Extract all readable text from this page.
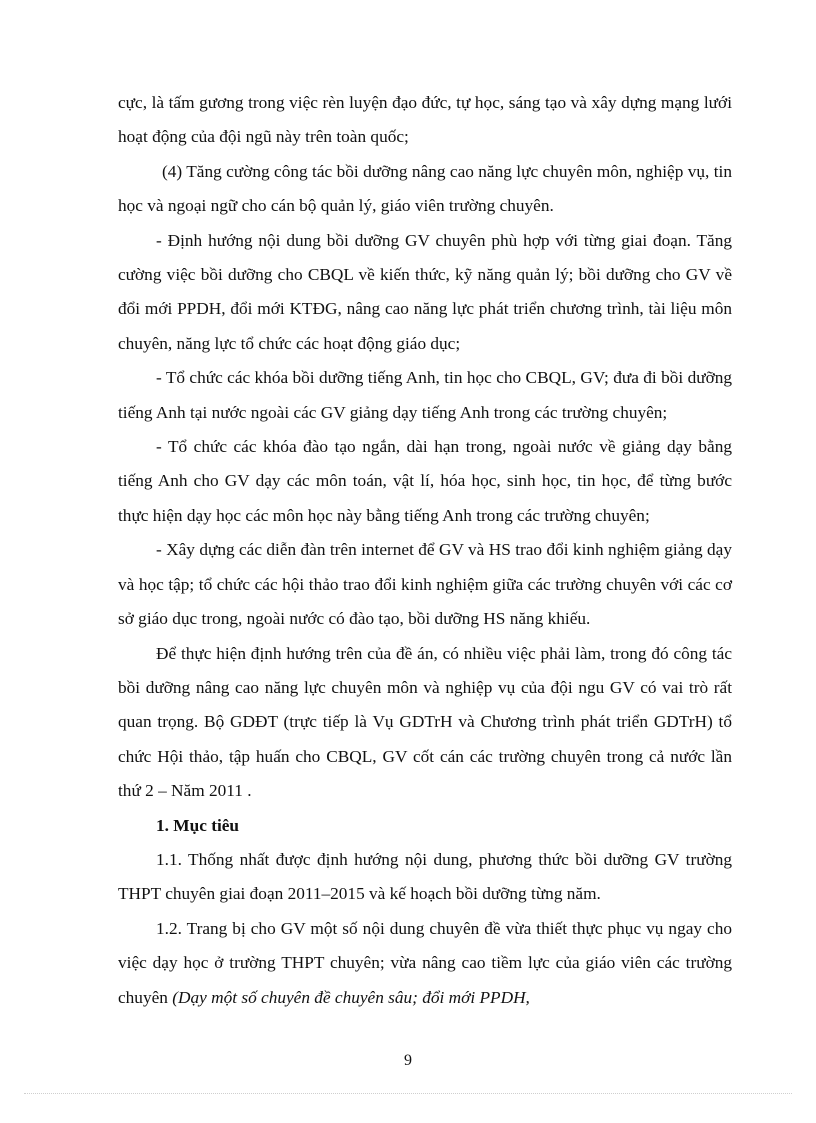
cực, là tấm gương trong việc rèn luyện đạo đức, tự học, sáng tạo và xây dựng mạng lưới hoạt động của đội ngũ này trên toàn quốc;

(4) Tăng cường công tác bồi dưỡng nâng cao năng lực chuyên môn, nghiệp vụ, tin học và ngoại ngữ cho cán bộ quản lý, giáo viên trường chuyên.

- Định hướng nội dung bồi dưỡng GV chuyên phù hợp với từng giai đoạn. Tăng cường việc bồi dưỡng cho CBQL về kiến thức, kỹ năng quản lý; bồi dưỡng cho GV về đổi mới PPDH, đổi mới KTĐG, nâng cao năng lực phát triển chương trình, tài liệu môn chuyên, năng lực tổ chức các hoạt động giáo dục;

- Tổ chức các khóa bồi dưỡng tiếng Anh, tin học cho CBQL, GV; đưa đi bồi dưỡng tiếng Anh tại nước ngoài các GV giảng dạy tiếng Anh trong các trường chuyên;

- Tổ chức các khóa đào tạo ngắn, dài hạn trong, ngoài nước về giảng dạy bằng tiếng Anh cho GV dạy các môn toán, vật lí, hóa học, sinh học, tin học, để từng bước thực hiện dạy học các môn học này bằng tiếng Anh trong các trường chuyên;

- Xây dựng các diễn đàn trên internet để GV và HS trao đổi kinh nghiệm giảng dạy và học tập; tổ chức các hội thảo trao đổi kinh nghiệm giữa các trường chuyên với các cơ sở giáo dục trong, ngoài nước có đào tạo, bồi dưỡng HS năng khiếu.

Để thực hiện định hướng trên của đề án, có nhiều việc phải làm, trong đó công tác bồi dưỡng nâng cao năng lực chuyên môn và nghiệp vụ của đội ngu GV có vai trò rất quan trọng. Bộ GDĐT (trực tiếp là Vụ GDTrH và Chương trình phát triển GDTrH) tổ chức Hội thảo, tập huấn cho CBQL, GV cốt cán các trường chuyên trong cả nước lần thứ 2 – Năm 2011 .

1. Mục tiêu

1.1. Thống nhất được định hướng nội dung, phương thức bồi dưỡng GV trường THPT chuyên giai đoạn 2011–2015 và kế hoạch bồi dưỡng từng năm.

1.2. Trang bị cho GV một số nội dung chuyên đề vừa thiết thực phục vụ ngay cho việc dạy học ở trường THPT chuyên; vừa nâng cao tiềm lực của giáo viên các trường chuyên (Dạy một số chuyên đề chuyên sâu; đổi mới PPDH,

9
